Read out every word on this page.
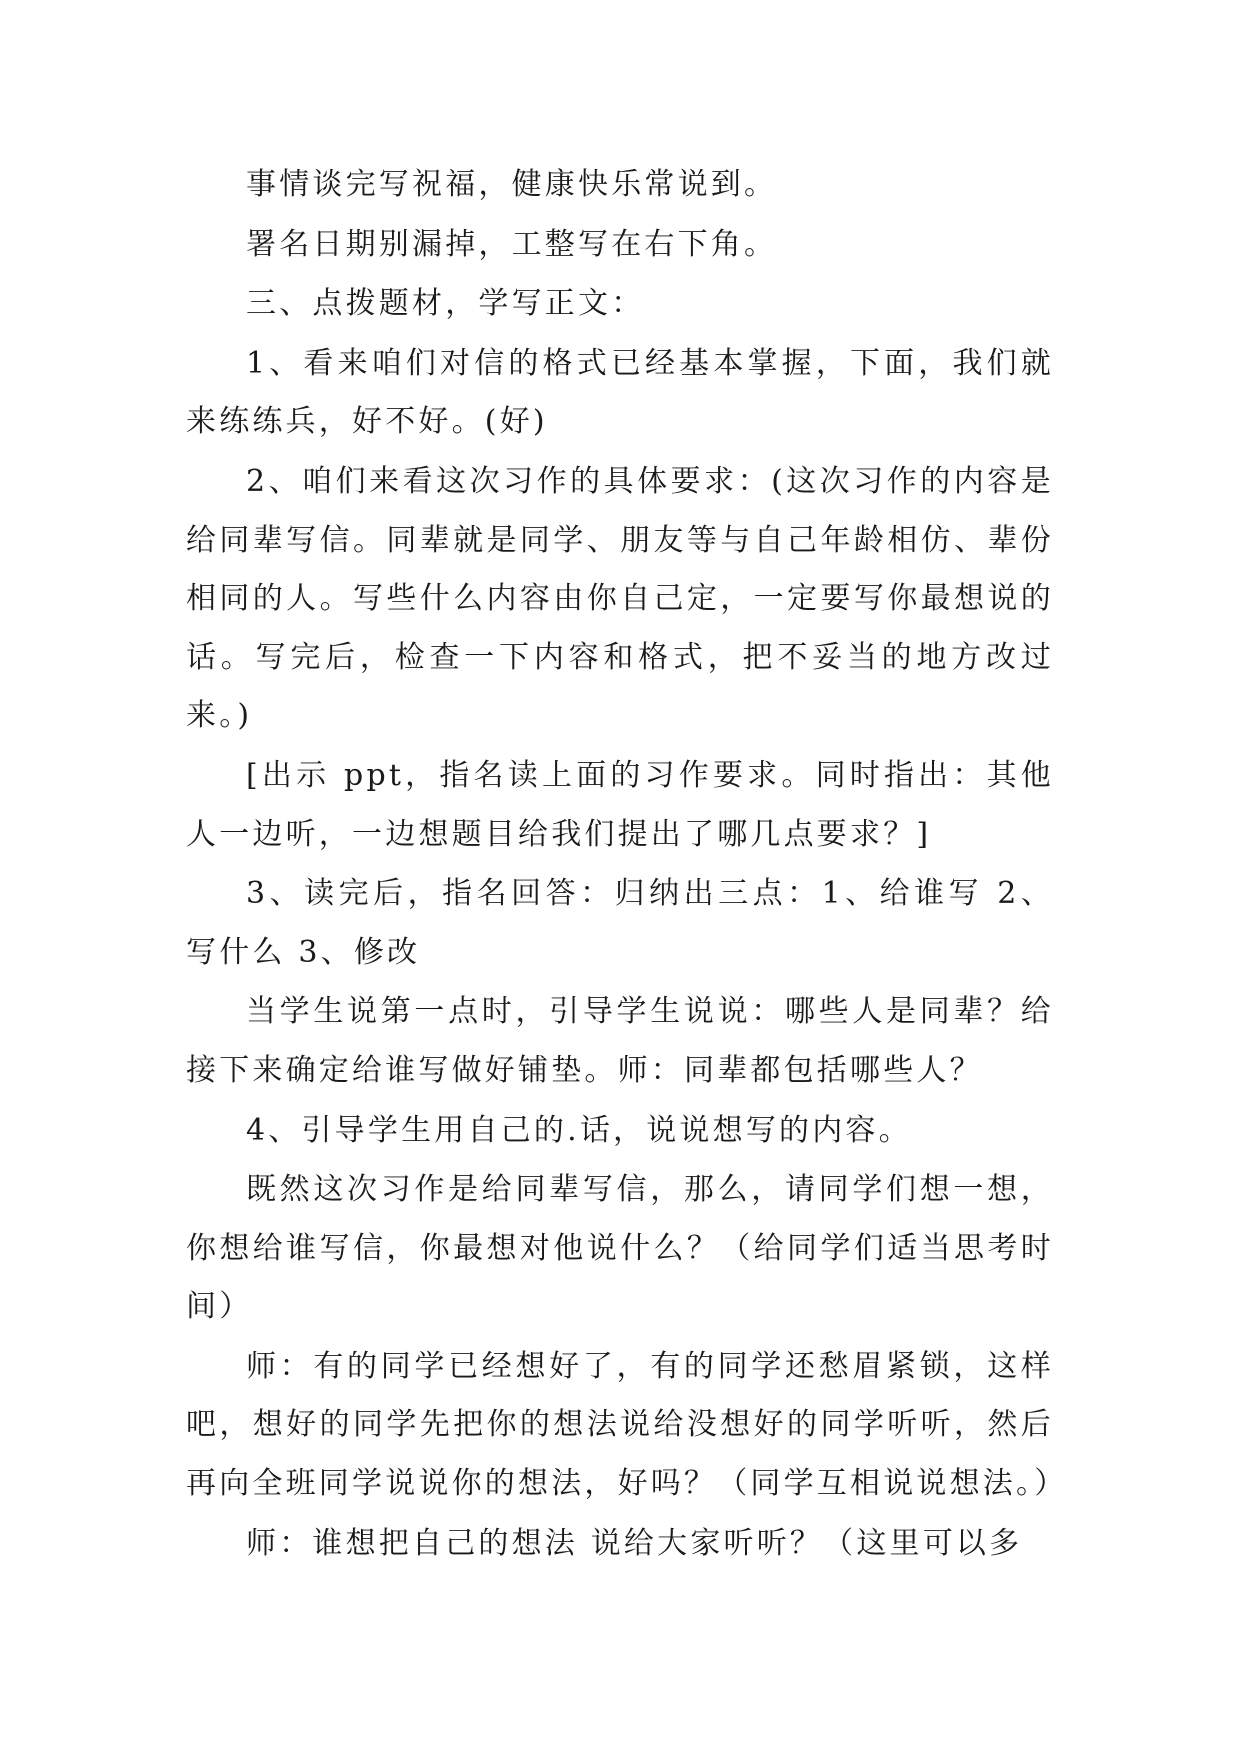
事情谈完写祝福，健康快乐常说到。

署名日期别漏掉，工整写在右下角。

三、点拨题材，学写正文：

1、看来咱们对信的格式已经基本掌握，下面，我们就来练练兵，好不好。(好)

2、咱们来看这次习作的具体要求：(这次习作的内容是给同辈写信。同辈就是同学、朋友等与自己年龄相仿、辈份相同的人。写些什么内容由你自己定，一定要写你最想说的话。写完后，检查一下内容和格式，把不妥当的地方改过来。)

[出示 ppt，指名读上面的习作要求。同时指出：其他人一边听，一边想题目给我们提出了哪几点要求？]

3、读完后，指名回答：归纳出三点：1、给谁写 2、写什么 3、修改

当学生说第一点时，引导学生说说：哪些人是同辈？给接下来确定给谁写做好铺垫。师：同辈都包括哪些人？

4、引导学生用自己的.话，说说想写的内容。

既然这次习作是给同辈写信，那么，请同学们想一想，你想给谁写信，你最想对他说什么？（给同学们适当思考时间）

师：有的同学已经想好了，有的同学还愁眉紧锁，这样吧，想好的同学先把你的想法说给没想好的同学听听，然后再向全班同学说说你的想法，好吗？（同学互相说说想法。）

师：谁想把自己的想法 说给大家听听？（这里可以多
